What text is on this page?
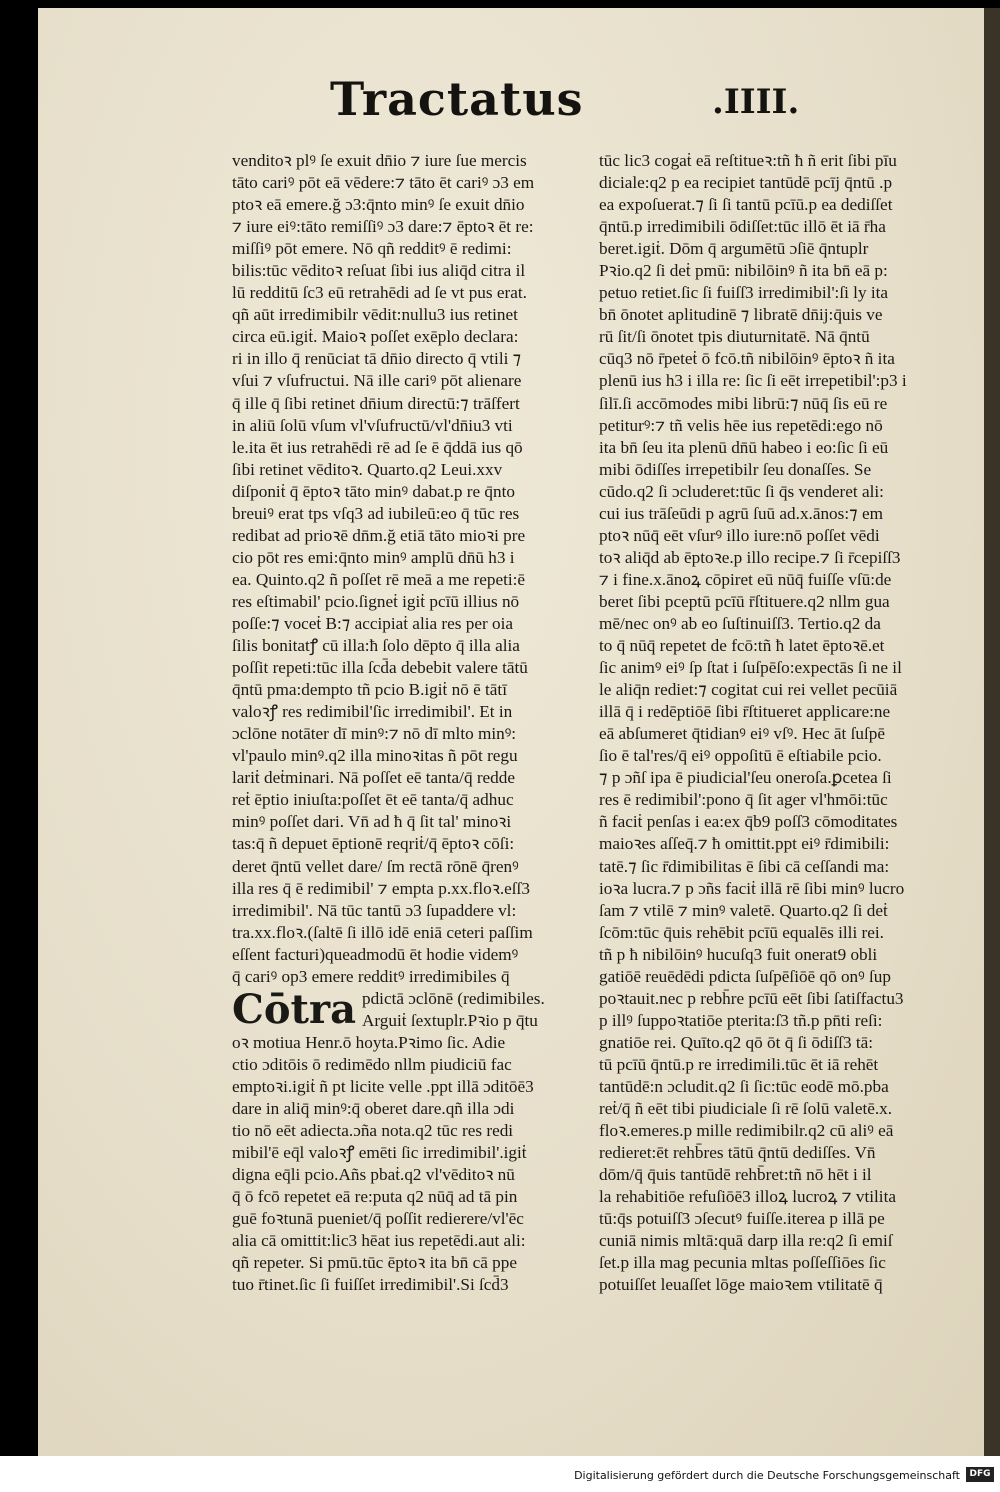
Tractatus	.IIII.
venditoꝛ plꝰ ſe exuit dn̄io ⁊ iure ſue mercis
tāto cariꝰ pōt eā vēdere:⁊ tāto ēt cariꝰ ɔ3 em
ptoꝛ eā emere.ğ ɔ3:q̄nto minꝰ ſe exuit dn̄io
⁊ iure eiꝰ:tāto remiſſiꝰ ɔ3 dare:⁊ ēptoꝛ ēt re:
miſſiꝰ pōt emere. Nō qñ redditꝰ ē redimi:
bilis:tūc vēditoꝛ reſuat ſibi ius aliq̄d citra il
lū redditū ſc3 eū retrahēdi ad ſe vt pus erat.
qñ aūt irredimibilr vēdit:nullu3 ius retinet
circa eū.igiṫ. Maioꝛ poſſet exēplo declara:
ri in illo q̄ renūciat tā dn̄io directo q̄ vtili ⁊
vſui ⁊ vſufructui. Nā ille cariꝰ pōt alienare
q̄ ille q̄ ſibi retinet dn̄ium directū:⁊ trāſfert
in aliū ſolū vſum vl'vſufructū/vl'dn̄iu3 vti
le.ita ēt ius retrahēdi rē ad ſe ē q̄ddā ius qō
ſibi retinet vēditoꝛ. Quarto.q2 Leui.xxv
diſponiṫ q̄ ēptoꝛ tāto minꝰ dabat.p re q̄nto
breuiꝰ erat tps vſq3 ad iubileū:eo q̄ tūc res
redibat ad prioꝛē dn̄m.ğ etiā tāto mioꝛi pre
cio pōt res emi:q̄nto minꝰ amplū dn̄ū h3 i
ea. Quinto.q2 ñ poſſet rē meā a me repeti:ē
res eſtimabil' pcio.ſigneṫ igiṫ pcīū illius nō
poſſe:⁊ voceṫ B:⁊ accipiaṫ alia res per oia
ſilis bonitatꝭ cū illa:ħ ſolo dēpto q̄ illa alia
poſſit repeti:tūc illa ſcd̄a debebit valere tātū
q̄ntū pma:dempto tñ pcio B.igiṫ nō ē tātī
valoꝛꝭ res redimibil'ſic irredimibil'. Et in
ɔclōne notāter dī minꝰ:⁊ nō dī mlto minꝰ:
vl'paulo minꝰ.q2 illa minoꝛitas ñ pōt regu
lariṫ deṫminari. Nā poſſet eē tanta/q̄ redde
reṫ ēptio iniuſta:poſſet ēt eē tanta/q̄ adhuc
minꝰ poſſet dari. Vn̄ ad ħ q̄ ſit tal' minoꝛi
tas:q̄ ñ depuet ēptionē reqriṫ/q̄ ēptoꝛ cōſi:
deret q̄ntū vellet dare/ ſm rectā rōnē q̄renꝰ
illa res q̄ ē redimibil' ⁊ empta p.xx.floꝛ.eſſ3
irredimibil'. Nā tūc tantū ɔ3 ſupaddere vl:
tra.xx.floꝛ.(ſaltē ſi illō idē eniā ceteri paſſim
eſſent facturi)queadmodū ēt hodie videmꝰ
q̄ cariꝰ op3 emere redditꝰ irredimibiles q̄
Cōtra pdictā ɔclōnē (redimibiles.
Arguiṫ ſextuplr.Pꝛio p q̄tu
oꝛ motiua Henr.ō hoyta.Pꝛimo ſic. Adie
ctio ɔditōis ō redimēdo nllm piudiciū fac
emptoꝛi.igiṫ ñ pt licite velle .ppt illā ɔditōē3
dare in aliq̄ minꝰ:q̄ oberet dare.qñ illa ɔdi
tio nō eēt adiecta.ɔña nota.q2 tūc res redi
mibil'ē eq̄l valoꝛꝭ emēti ſic irredimibil'.igiṫ
digna eq̄li pcio.Añs pbaṫ.q2 vl'vēditoꝛ nū
q̄ ō fcō repetet eā re:puta q2 nūq̄ ad tā pin
guē foꝛtunā pueniet/q̄ poſſit redierere/vl'ēc
alia cā omittit:lic3 hēat ius repetēdi.aut ali:
qñ repeter. Si pmū.tūc ēptoꝛ ita bn̄ cā ppe
tuo r̄tinet.ſic ſi fuiſſet irredimibil'.Si ſcd̄3
tūc lic3 cogaṫ eā reſtitueꝛ:tñ ħ ñ erit ſibi pīu
diciale:q2 p ea recipiet tantūdē pcīj q̄ntū .p
ea expoſuerat.⁊ ſi ſi tantū pcīū.p ea dediſſet
q̄ntū.p irredimibili ōdiſſet:tūc illō ēt iā r̄ha
beret.igiṫ. Dōm q̄ argumētū ɔſiē q̄ntuplr
Pꝛio.q2 ſi deṫ pmū: nibilōinꝰ ñ ita bn̄ eā p:
petuo retiet.ſic ſi fuiſſ3 irredimibil':ſi ly ita
bn̄ ōnotet aplitudinē ⁊ libratē dn̄ij:q̄uis ve
rū ſit/ſi ōnotet tpis diuturnitatē. Nā q̄ntū
cūq3 nō r̄peteṫ ō fcō.tñ nibilōinꝰ ēptoꝛ ñ ita
plenū ius h3 i illa re: ſic ſi eēt irrepetibil':p3 i
ſilī.ſi accōmodes mibi librū:⁊ nūq̄ ſis eū re
petiturꝰ:⁊ tñ velis hēe ius repetēdi:ego nō
ita bn̄ ſeu ita plenū dn̄ū habeo i eo:ſic ſi eū
mibi ōdiſſes irrepetibilr ſeu donaſſes. Se
cūdo.q2 ſi ɔcluderet:tūc ſi q̄s venderet ali:
cui ius trāſeūdi p agrū ſuū ad.x.ānos:⁊ em
ptoꝛ nūq̄ eēt vſurꝰ illo iure:nō poſſet vēdi
toꝛ aliq̄d ab ēptoꝛe.p illo recipe.⁊ ſi r̄cepiſſ3
⁊ i fine.x.ānoꝝ cōpiret eū nūq̄ fuiſſe vſū:de
beret ſibi pceptū pcīū r̄ſtituere.q2 nllm gua
mē/nec onꝰ ab eo ſuſtinuiſſ3. Tertio.q2 da
to q̄ nūq̄ repetet de fcō:tñ ħ latet ēptoꝛē.et
ſic animꝰ eiꝰ ſp ſtat i ſuſpēſo:expectās ſi ne il
le aliq̄n rediet:⁊ cogitat cui rei vellet pecūiā
illā q̄ i redēptiōē ſibi r̄ſtitueret applicare:ne
eā abſumeret q̄tidianꝰ eiꝰ vſꝰ. Hec āt ſuſpē
ſio ē tal'res/q̄ eiꝰ oppoſitū ē eſtiabile pcio.
⁊ p ɔñſ ipa ē piudicial'ſeu oneroſa.ꝑcetea ſi
res ē redimibil':pono q̄ ſit ager vl'hmōi:tūc
ñ faciṫ penſas i ea:ex q̄b9 poſſ3 cōmoditates
maioꝛes aſſeq̄.⁊ ħ omittit.ppt eiꝰ r̄dimibili:
tatē.⁊ ſic r̄dimibilitas ē ſibi cā ceſſandi ma:
ioꝛa lucra.⁊ p ɔñs faciṫ illā rē ſibi minꝰ lucro
ſam ⁊ vtilē ⁊ minꝰ valetē. Quarto.q2 ſi deṫ
ſcōm:tūc q̄uis rehēbit pcīū equalēs illi rei.
tñ p ħ nibilōinꝰ hucuſq3 fuit onerat9 obli
gatiōē reuēdēdi pdicta ſuſpēſiōē qō onꝰ ſup
poꝛtauit.nec p rebh̄re pcīū eēt ſibi ſatiſfactu3
p illꝰ ſuppoꝛtatiōe pterita:ſ3 tñ.p pn̄ti reſi:
gnatiōe rei. Quīto.q2 qō ōt q̄ ſi ōdiſſ3 tā:
tū pcīū q̄ntū.p re irredimili.tūc ēt iā rehēt
tantūdē:n ɔcludit.q2 ſi ſic:tūc eodē mō.pba
reṫ/q̄ ñ eēt tibi piudiciale ſi rē ſolū valetē.x.
floꝛ.emeres.p mille redimibilr.q2 cū aliꝰ eā
redieret:ēt rehb̄res tātū q̄ntū dediſſes. Vn̄
dōm/q̄ q̄uis tantūdē rehb̄ret:tñ nō hēt i il
la rehabitiōe refuſiōē3 illoꝝ lucroꝝ ⁊ vtilita
tū:q̄s potuiſſ3 ɔſecutꝰ fuiſſe.iterea p illā pe
cuniā nimis mltā:quā darp illa re:q2 ſi emiſ
ſet.p illa mag pecunia mltas poſſeſſiōes ſic
potuiſſet leuaſſet lōge maioꝛem vtilitatē q̄
Digitalisierung gefördert durch die Deutsche Forschungsgemeinschaft	DFG
